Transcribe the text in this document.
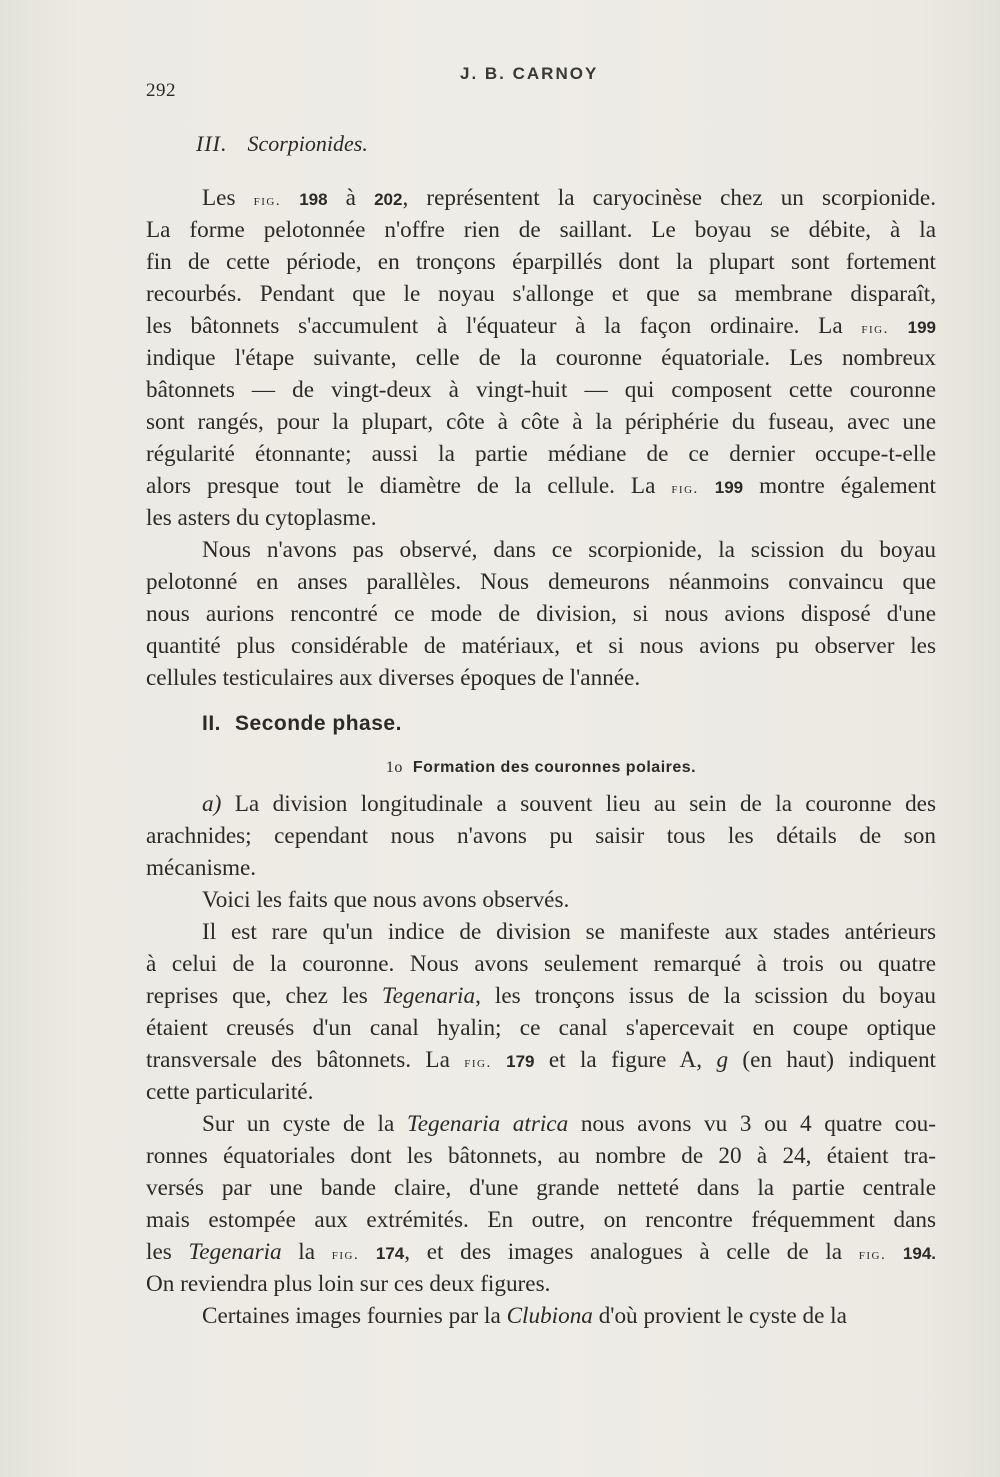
292
J. B. CARNOY
III. Scorpionides.
Les fig. 198 à 202, représentent la caryocinèse chez un scorpionide.
La forme pelotonnée n'offre rien de saillant. Le boyau se débite, à la
fin de cette période, en tronçons éparpillés dont la plupart sont fortement
recourbés. Pendant que le noyau s'allonge et que sa membrane disparaît,
les bâtonnets s'accumulent à l'équateur à la façon ordinaire. La fig. 199
indique l'étape suivante, celle de la couronne équatoriale. Les nombreux
bâtonnets — de vingt-deux à vingt-huit — qui composent cette couronne
sont rangés, pour la plupart, côte à côte à la périphérie du fuseau, avec une
régularité étonnante; aussi la partie médiane de ce dernier occupe-t-elle
alors presque tout le diamètre de la cellule. La fig. 199 montre également
les asters du cytoplasme.
Nous n'avons pas observé, dans ce scorpionide, la scission du boyau
pelotonné en anses parallèles. Nous demeurons néanmoins convaincu que
nous aurions rencontré ce mode de division, si nous avions disposé d'une
quantité plus considérable de matériaux, et si nous avions pu observer les
cellules testiculaires aux diverses époques de l'année.
II. Seconde phase.
1o Formation des couronnes polaires.
a) La division longitudinale a souvent lieu au sein de la couronne des
arachnides; cependant nous n'avons pu saisir tous les détails de son
mécanisme.
Voici les faits que nous avons observés.
Il est rare qu'un indice de division se manifeste aux stades antérieurs
à celui de la couronne. Nous avons seulement remarqué à trois ou quatre
reprises que, chez les Tegenaria, les tronçons issus de la scission du boyau
étaient creusés d'un canal hyalin; ce canal s'apercevait en coupe optique
transversale des bâtonnets. La fig. 179 et la figure A, g (en haut) indiquent
cette particularité.
Sur un cyste de la Tegenaria atrica nous avons vu 3 ou 4 quatre cou-
ronnes équatoriales dont les bâtonnets, au nombre de 20 à 24, étaient tra-
versés par une bande claire, d'une grande netteté dans la partie centrale
mais estompée aux extrémités. En outre, on rencontre fréquemment dans
les Tegenaria la fig. 174, et des images analogues à celle de la fig. 194.
On reviendra plus loin sur ces deux figures.
Certaines images fournies par la Clubiona d'où provient le cyste de la
